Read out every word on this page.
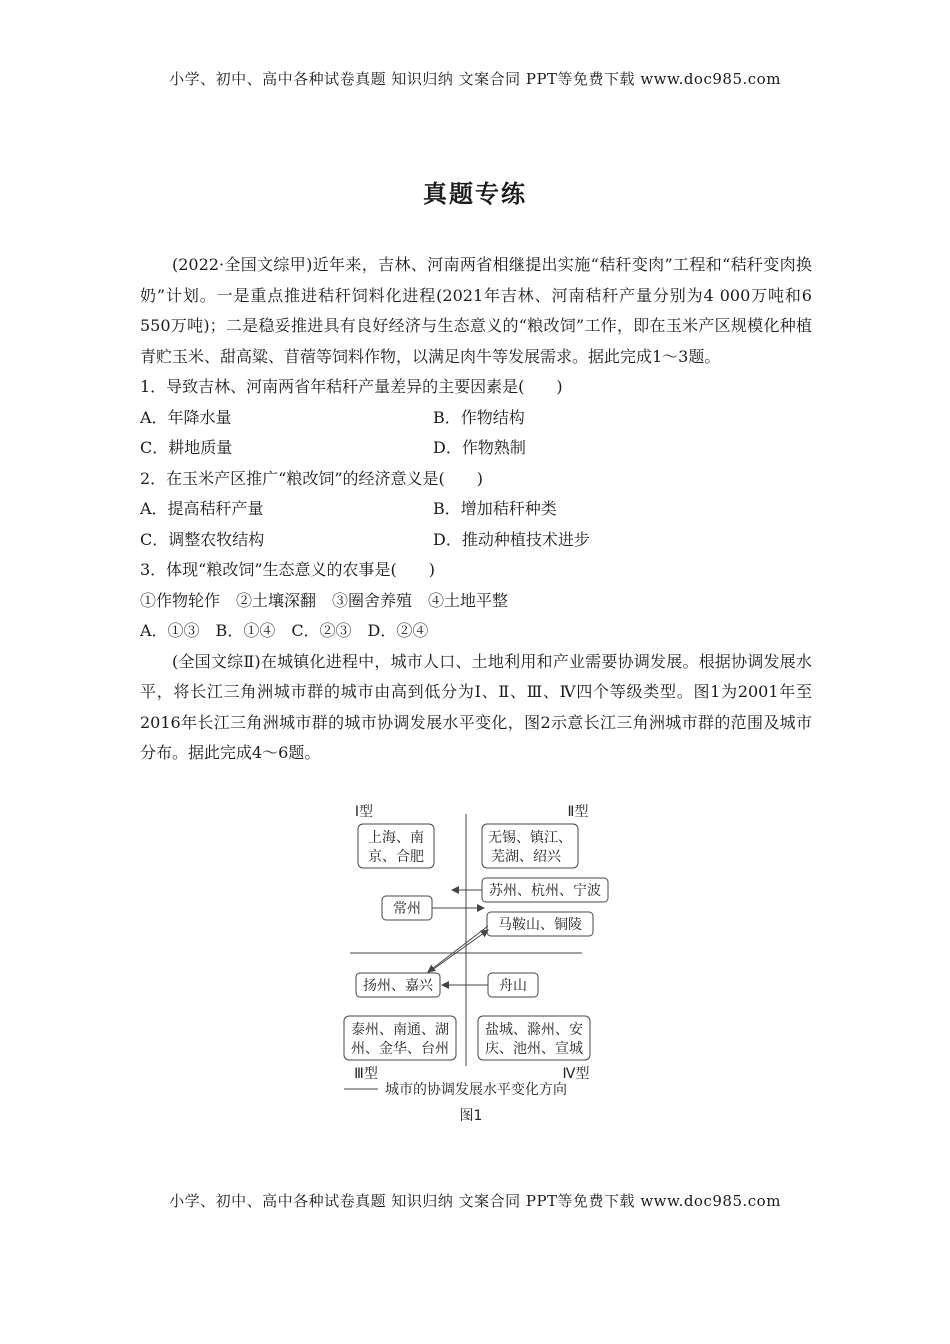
小学、初中、高中各种试卷真题 知识归纳 文案合同 PPT等免费下载 www.doc985.com
真题专练

(2022·全国文综甲)近年来，吉林、河南两省相继提出实施“秸秆变肉”工程和“秸秆变肉换奶”计划。一是重点推进秸秆饲料化进程(2021年吉林、河南秸秆产量分别为4 000万吨和6 550万吨)；二是稳妥推进具有良好经济与生态意义的“粮改饲”工作，即在玉米产区规模化种植青贮玉米、甜高粱、苜蓿等饲料作物，以满足肉牛等发展需求。据此完成1～3题。

1．导致吉林、河南两省年秸秆产量差异的主要因素是(　　)

A．年降水量	B．作物结构
C．耕地质量	D．作物熟制

2．在玉米产区推广“粮改饲”的经济意义是(　　)

A．提高秸秆产量	B．增加秸秆种类
C．调整农牧结构	D．推动种植技术进步

3．体现“粮改饲”生态意义的农事是(　　)

①作物轮作　②土壤深翻　③圈舍养殖　④土地平整

A．①③　B．①④　C．②③　D．②④

(全国文综Ⅱ)在城镇化进程中，城市人口、土地利用和产业需要协调发展。根据协调发展水平，将长江三角洲城市群的城市由高到低分为Ⅰ、Ⅱ、Ⅲ、Ⅳ四个等级类型。图1为2001年至2016年长江三角洲城市群的城市协调发展水平变化，图2示意长江三角洲城市群的范围及城市分布。据此完成4～6题。

Ⅰ型	Ⅱ型
上海、南
京、合肥
无锡、镇江、
芜湖、绍兴
苏州、杭州、宁波
常州
马鞍山、铜陵
扬州、嘉兴	舟山
泰州、南通、湖
州、金华、台州
盐城、滁州、安
庆、池州、宣城
Ⅲ型	Ⅳ型
城市的协调发展水平变化方向
图1
小学、初中、高中各种试卷真题 知识归纳 文案合同 PPT等免费下载 www.doc985.com
